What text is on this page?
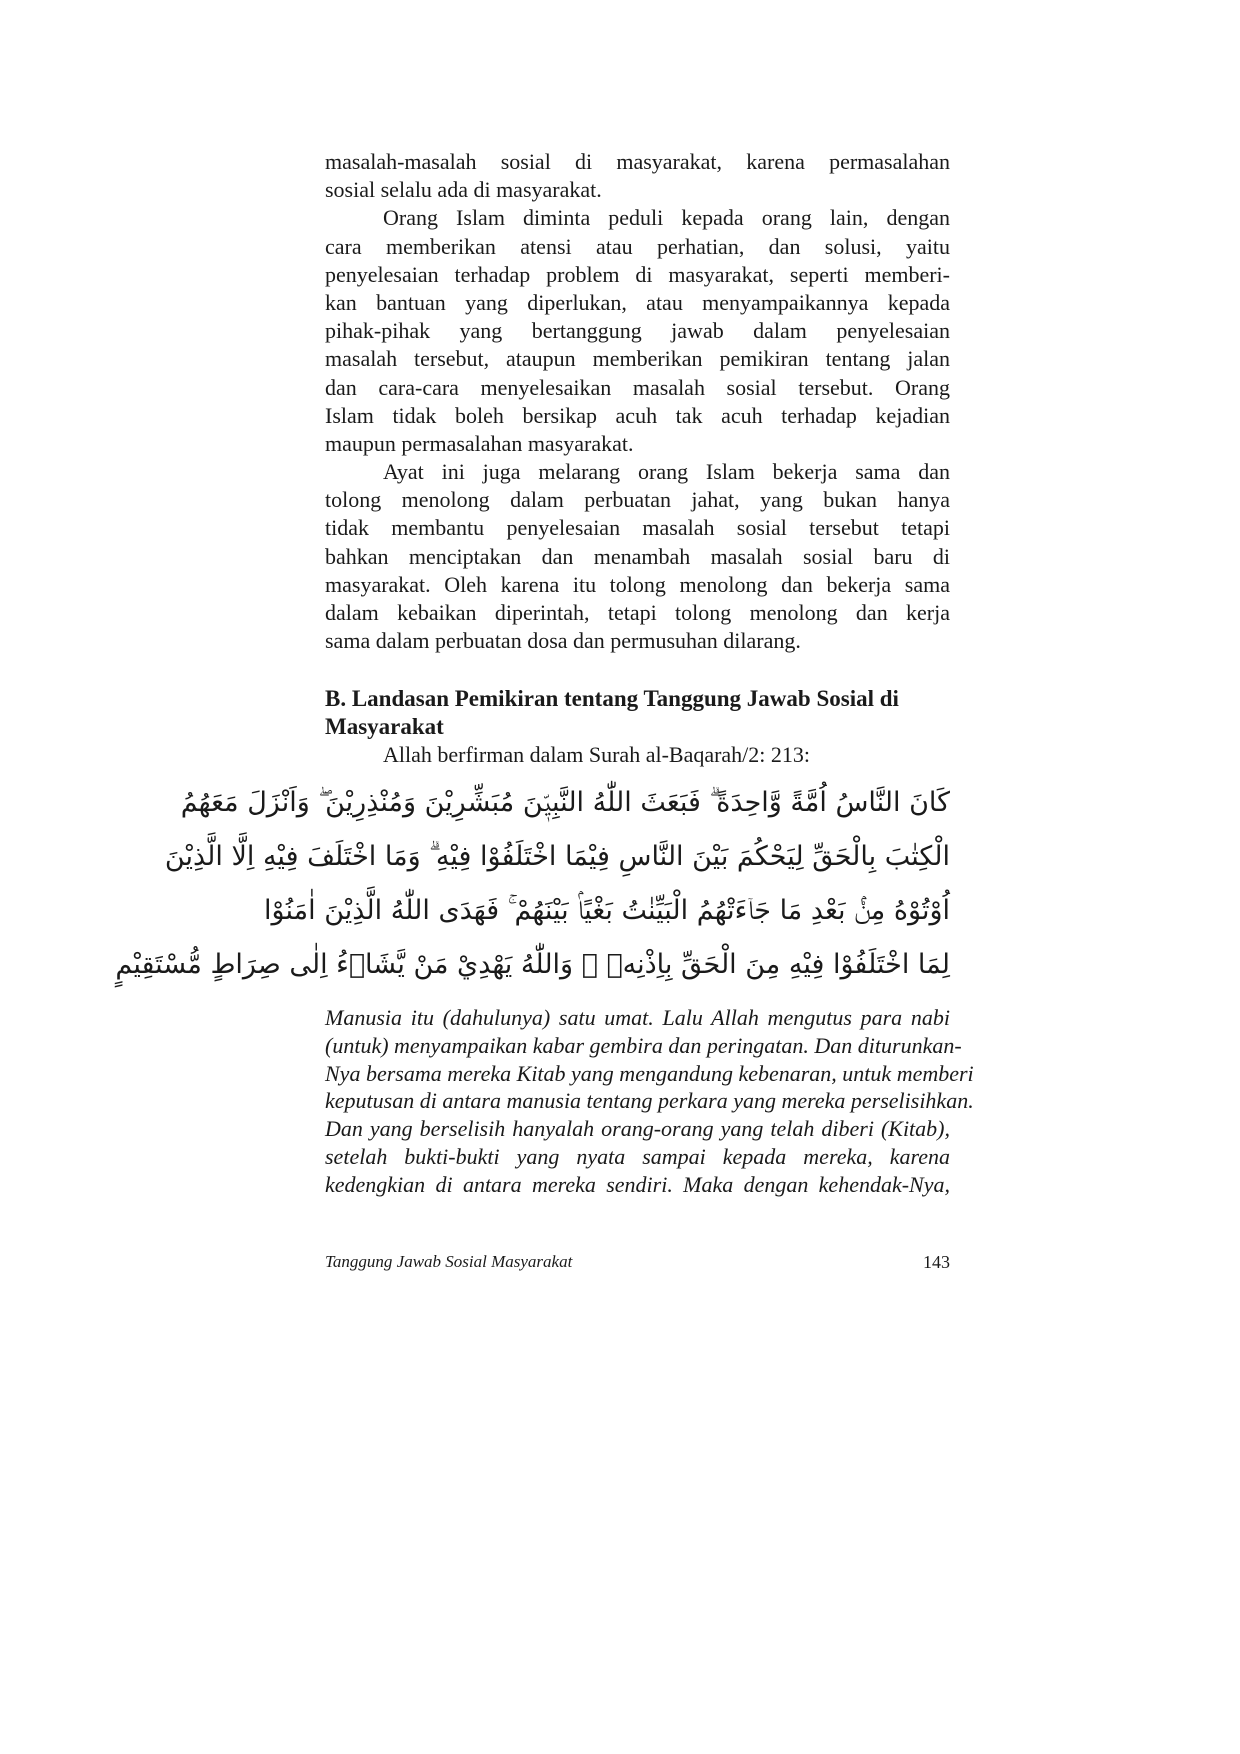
masalah-masalah sosial di masyarakat, karena permasalahan
sosial selalu ada di masyarakat.
Orang Islam diminta peduli kepada orang lain, dengan
cara memberikan atensi atau perhatian, dan solusi, yaitu
penyelesaian terhadap problem di masyarakat, seperti memberi-
kan bantuan yang diperlukan, atau menyampaikannya kepada
pihak-pihak yang bertanggung jawab dalam penyelesaian
masalah tersebut, ataupun memberikan pemikiran tentang jalan
dan cara-cara menyelesaikan masalah sosial tersebut. Orang
Islam tidak boleh bersikap acuh tak acuh terhadap kejadian
maupun permasalahan masyarakat.
Ayat ini juga melarang orang Islam bekerja sama dan
tolong menolong dalam perbuatan jahat, yang bukan hanya
tidak membantu penyelesaian masalah sosial tersebut tetapi
bahkan menciptakan dan menambah masalah sosial baru di
masyarakat. Oleh karena itu tolong menolong dan bekerja sama
dalam kebaikan diperintah, tetapi tolong menolong dan kerja
sama dalam perbuatan dosa dan permusuhan dilarang.
B. Landasan Pemikiran tentang Tanggung Jawab Sosial di
Masyarakat
Allah berfirman dalam Surah al-Baqarah/2: 213:
كَانَ النَّاسُ اُمَّةً وَّاحِدَةً ۗ فَبَعَثَ اللّٰهُ النَّبِيّٖنَ مُبَشِّرِيْنَ وَمُنْذِرِيْنَ ۖ وَاَنْزَلَ مَعَهُمُ
الْكِتٰبَ بِالْحَقِّ لِيَحْكُمَ بَيْنَ النَّاسِ فِيْمَا اخْتَلَفُوْا فِيْهِ ۗ وَمَا اخْتَلَفَ فِيْهِ اِلَّا الَّذِيْنَ
اُوْتُوْهُ مِنْۢ بَعْدِ مَا جَاۤءَتْهُمُ الْبَيِّنٰتُ بَغْيًاۢ بَيْنَهُمْ ۚ فَهَدَى اللّٰهُ الَّذِيْنَ اٰمَنُوْا
لِمَا اخْتَلَفُوْا فِيْهِ مِنَ الْحَقِّ بِاِذْنِهٖ ۗ وَاللّٰهُ يَهْدِيْ مَنْ يَّشَاۤءُ اِلٰى صِرَاطٍ مُّسْتَقِيْمٍ
Manusia itu (dahulunya) satu umat. Lalu Allah mengutus para nabi
(untuk) menyampaikan kabar gembira dan peringatan. Dan diturunkan-
Nya bersama mereka Kitab yang mengandung kebenaran, untuk memberi
keputusan di antara manusia tentang perkara yang mereka perselisihkan.
Dan yang berselisih hanyalah orang-orang yang telah diberi (Kitab),
setelah bukti-bukti yang nyata sampai kepada mereka, karena
kedengkian di antara mereka sendiri. Maka dengan kehendak-Nya,
Tanggung Jawab Sosial Masyarakat	143
